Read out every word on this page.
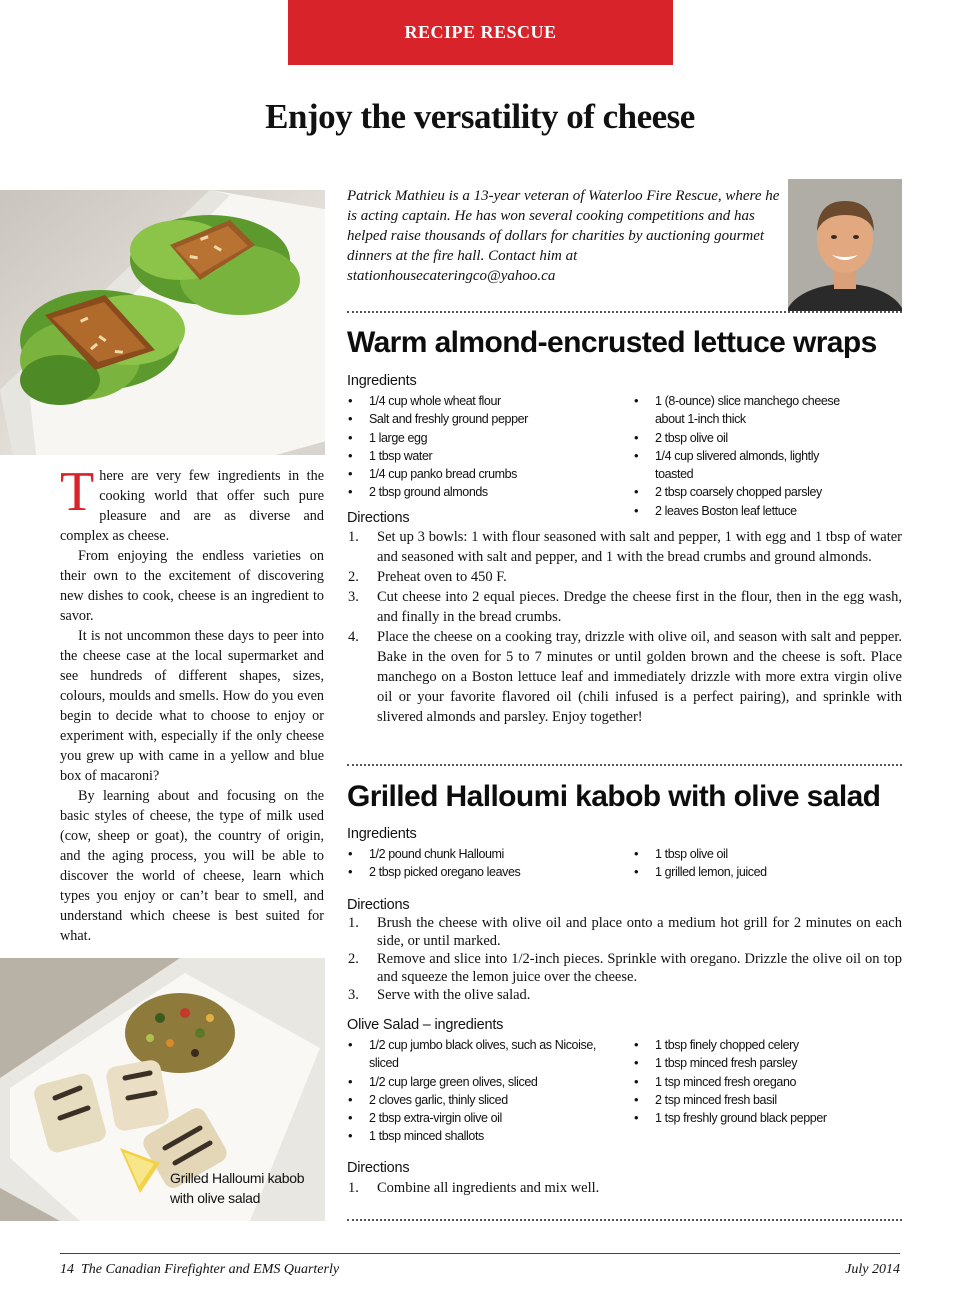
RECIPE RESCUE
Enjoy the versatility of cheese
Patrick Mathieu is a 13-year veteran of Waterloo Fire Rescue, where he is acting captain. He has won several cooking competitions and has helped raise thousands of dollars for charities by auctioning gourmet dinners at the fire hall. Contact him at stationhousecateringco@yahoo.ca

There are very few ingredients in the cooking world that offer such pure pleasure and are as diverse and complex as cheese.

From enjoying the endless varieties on their own to the excitement of discovering new dishes to cook, cheese is an ingredient to savor.

It is not uncommon these days to peer into the cheese case at the local supermarket and see hundreds of different shapes, sizes, colours, moulds and smells. How do you even begin to decide what to choose to enjoy or experiment with, especially if the only cheese you grew up with came in a yellow and blue box of macaroni?

By learning about and focusing on the basic styles of cheese, the type of milk used (cow, sheep or goat), the country of origin, and the aging process, you will be able to discover the world of cheese, learn which types you enjoy or can’t bear to smell, and understand which cheese is best suited for what.

Warm almond-encrusted lettuce wraps
Ingredients
• 1/4 cup whole wheat flour
• Salt and freshly ground pepper
• 1 large egg
• 1 tbsp water
• 1/4 cup panko bread crumbs
• 2 tbsp ground almonds
• 1 (8-ounce) slice manchego cheese about 1-inch thick
• 2 tbsp olive oil
• 1/4 cup slivered almonds, lightly toasted
• 2 tbsp coarsely chopped parsley
• 2 leaves Boston leaf lettuce
Directions
1. Set up 3 bowls: 1 with flour seasoned with salt and pepper, 1 with egg and 1 tbsp of water and seasoned with salt and pepper, and 1 with the bread crumbs and ground almonds.
2. Preheat oven to 450 F.
3. Cut cheese into 2 equal pieces. Dredge the cheese first in the flour, then in the egg wash, and finally in the bread crumbs.
4. Place the cheese on a cooking tray, drizzle with olive oil, and season with salt and pepper. Bake in the oven for 5 to 7 minutes or until golden brown and the cheese is soft. Place manchego on a Boston lettuce leaf and immediately drizzle with more extra virgin olive oil or your favorite flavored oil (chili infused is a perfect pairing), and sprinkle with slivered almonds and parsley. Enjoy together!
Grilled Halloumi kabob with olive salad
Ingredients
• 1/2 pound chunk Halloumi
• 2 tbsp picked oregano leaves
• 1 tbsp olive oil
• 1 grilled lemon, juiced
Directions
1. Brush the cheese with olive oil and place onto a medium hot grill for 2 minutes on each side, or until marked.
2. Remove and slice into 1/2-inch pieces. Sprinkle with oregano. Drizzle the olive oil on top and squeeze the lemon juice over the cheese.
3. Serve with the olive salad.
Olive Salad – ingredients
• 1/2 cup jumbo black olives, such as Nicoise, sliced
• 1/2 cup large green olives, sliced
• 2 cloves garlic, thinly sliced
• 2 tbsp extra-virgin olive oil
• 1 tbsp minced shallots
• 1 tbsp finely chopped celery
• 1 tbsp minced fresh parsley
• 1 tsp minced fresh oregano
• 2 tsp minced fresh basil
• 1 tsp freshly ground black pepper
Directions
1. Combine all ingredients and mix well.
Grilled Halloumi kabob with olive salad
14  The Canadian Firefighter and EMS Quarterly	July 2014
